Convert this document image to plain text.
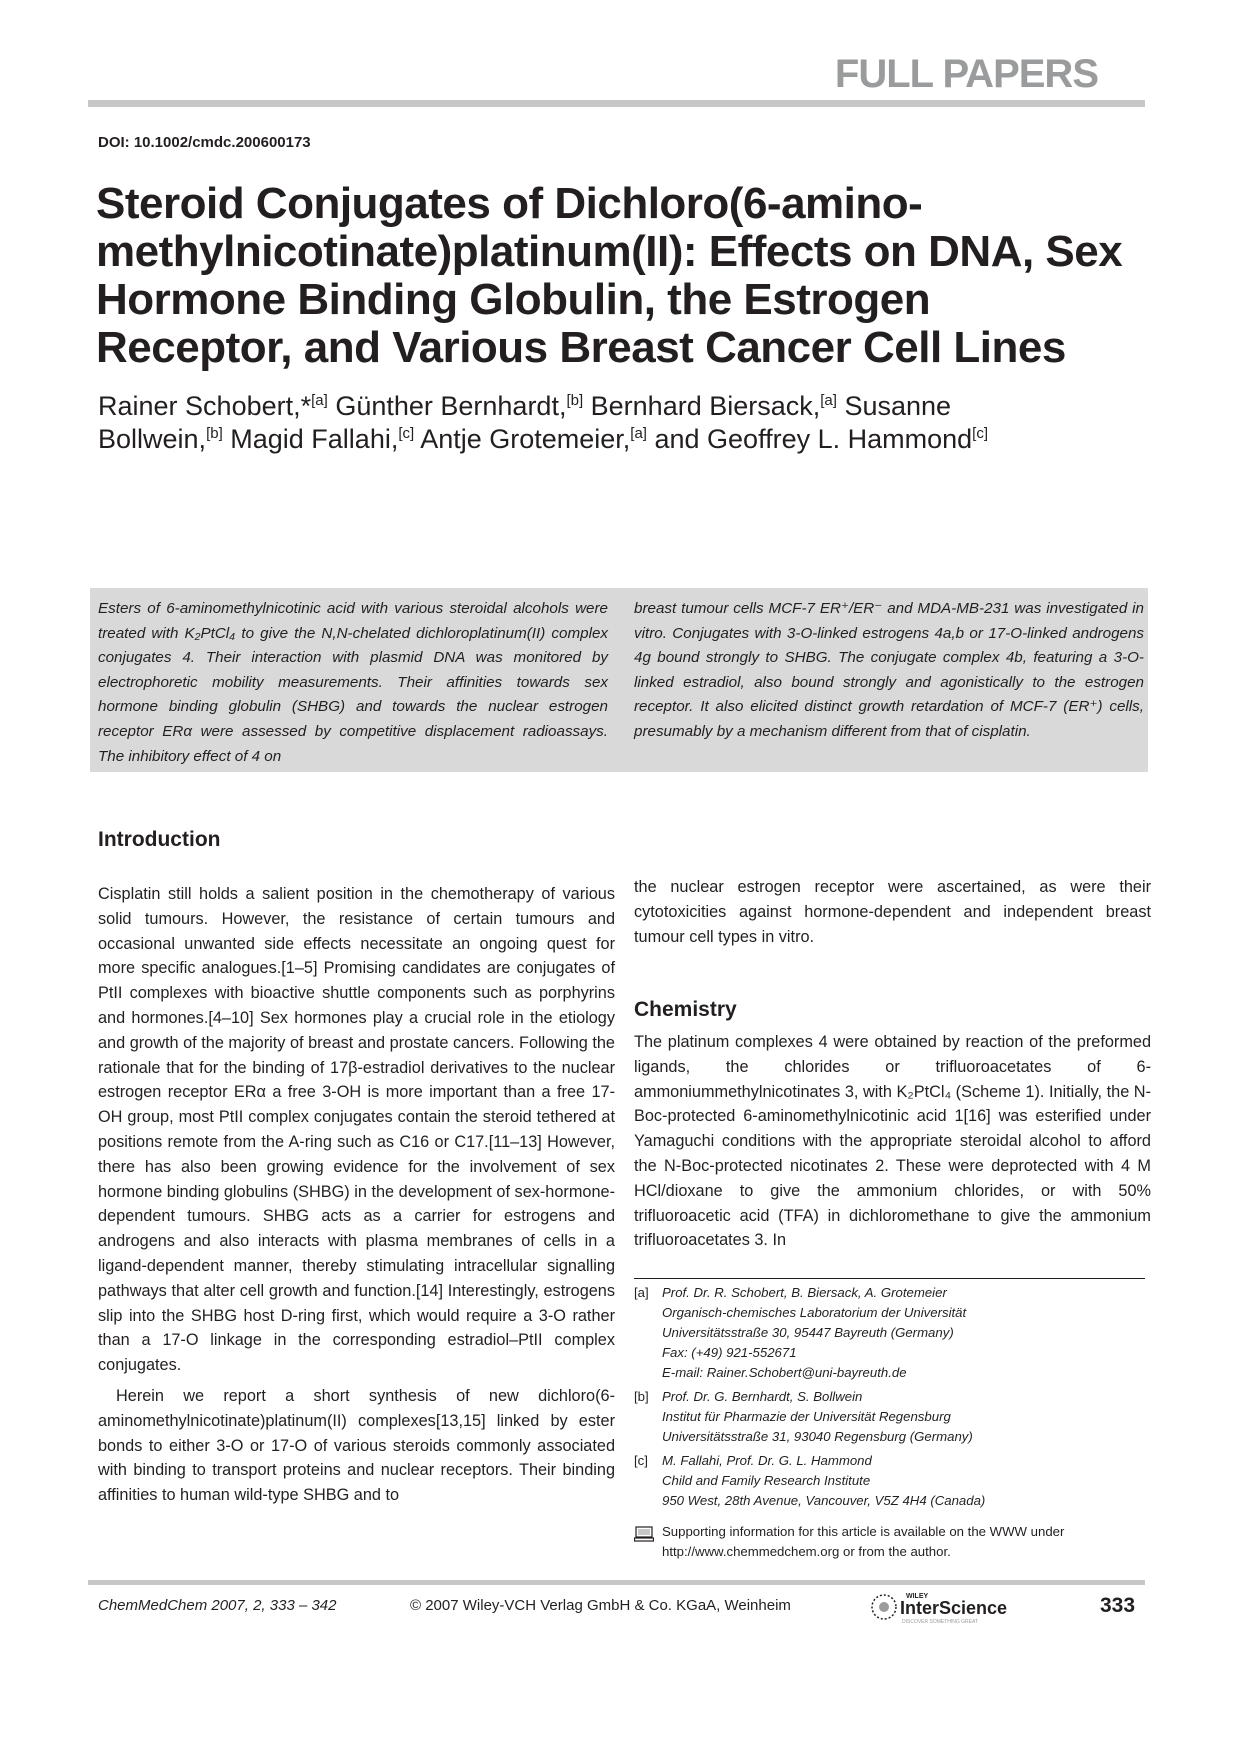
FULL PAPERS
DOI: 10.1002/cmdc.200600173
Steroid Conjugates of Dichloro(6-amino-methylnicotinate)platinum(II): Effects on DNA, Sex Hormone Binding Globulin, the Estrogen Receptor, and Various Breast Cancer Cell Lines
Rainer Schobert,*[a] Günther Bernhardt,[b] Bernhard Biersack,[a] Susanne Bollwein,[b] Magid Fallahi,[c] Antje Grotemeier,[a] and Geoffrey L. Hammond[c]
Esters of 6-aminomethylnicotinic acid with various steroidal alcohols were treated with K₂PtCl₄ to give the N,N-chelated dichloroplatinum(II) complex conjugates 4. Their interaction with plasmid DNA was monitored by electrophoretic mobility measurements. Their affinities towards sex hormone binding globulin (SHBG) and towards the nuclear estrogen receptor ERα were assessed by competitive displacement radioassays. The inhibitory effect of 4 on
breast tumour cells MCF-7 ER⁺/ER⁻ and MDA-MB-231 was investigated in vitro. Conjugates with 3-O-linked estrogens 4a,b or 17-O-linked androgens 4g bound strongly to SHBG. The conjugate complex 4b, featuring a 3-O-linked estradiol, also bound strongly and agonistically to the estrogen receptor. It also elicited distinct growth retardation of MCF-7 (ER⁺) cells, presumably by a mechanism different from that of cisplatin.
Introduction

Cisplatin still holds a salient position in the chemotherapy of various solid tumours. However, the resistance of certain tumours and occasional unwanted side effects necessitate an ongoing quest for more specific analogues.[1–5] Promising candidates are conjugates of PtII complexes with bioactive shuttle components such as porphyrins and hormones.[4–10] Sex hormones play a crucial role in the etiology and growth of the majority of breast and prostate cancers. Following the rationale that for the binding of 17β-estradiol derivatives to the nuclear estrogen receptor ERα a free 3-OH is more important than a free 17-OH group, most PtII complex conjugates contain the steroid tethered at positions remote from the A-ring such as C16 or C17.[11–13] However, there has also been growing evidence for the involvement of sex hormone binding globulins (SHBG) in the development of sex-hormone-dependent tumours. SHBG acts as a carrier for estrogens and androgens and also interacts with plasma membranes of cells in a ligand-dependent manner, thereby stimulating intracellular signalling pathways that alter cell growth and function.[14] Interestingly, estrogens slip into the SHBG host D-ring first, which would require a 3-O rather than a 17-O linkage in the corresponding estradiol–PtII complex conjugates.

Herein we report a short synthesis of new dichloro(6-aminomethylnicotinate)platinum(II) complexes[13,15] linked by ester bonds to either 3-O or 17-O of various steroids commonly associated with binding to transport proteins and nuclear receptors. Their binding affinities to human wild-type SHBG and to

the nuclear estrogen receptor were ascertained, as were their cytotoxicities against hormone-dependent and independent breast tumour cell types in vitro.

Chemistry

The platinum complexes 4 were obtained by reaction of the preformed ligands, the chlorides or trifluoroacetates of 6-ammoniummethylnicotinates 3, with K₂PtCl₄ (Scheme 1). Initially, the N-Boc-protected 6-aminomethylnicotinic acid 1[16] was esterified under Yamaguchi conditions with the appropriate steroidal alcohol to afford the N-Boc-protected nicotinates 2. These were deprotected with 4 M HCl/dioxane to give the ammonium chlorides, or with 50% trifluoroacetic acid (TFA) in dichloromethane to give the ammonium trifluoroacetates 3. In

[a] Prof. Dr. R. Schobert, B. Biersack, A. Grotemeier
Organisch-chemisches Laboratorium der Universität
Universitätsstraße 30, 95447 Bayreuth (Germany)
Fax: (+49) 921-552671
E-mail: Rainer.Schobert@uni-bayreuth.de
[b] Prof. Dr. G. Bernhardt, S. Bollwein
Institut für Pharmazie der Universität Regensburg
Universitätsstraße 31, 93040 Regensburg (Germany)
[c] M. Fallahi, Prof. Dr. G. L. Hammond
Child and Family Research Institute
950 West, 28th Avenue, Vancouver, V5Z 4H4 (Canada)
Supporting information for this article is available on the WWW under http://www.chemmedchem.org or from the author.
ChemMedChem 2007, 2, 333 – 342	© 2007 Wiley-VCH Verlag GmbH & Co. KGaA, Weinheim
WILEY
InterScience
DISCOVER SOMETHING GREAT
333
